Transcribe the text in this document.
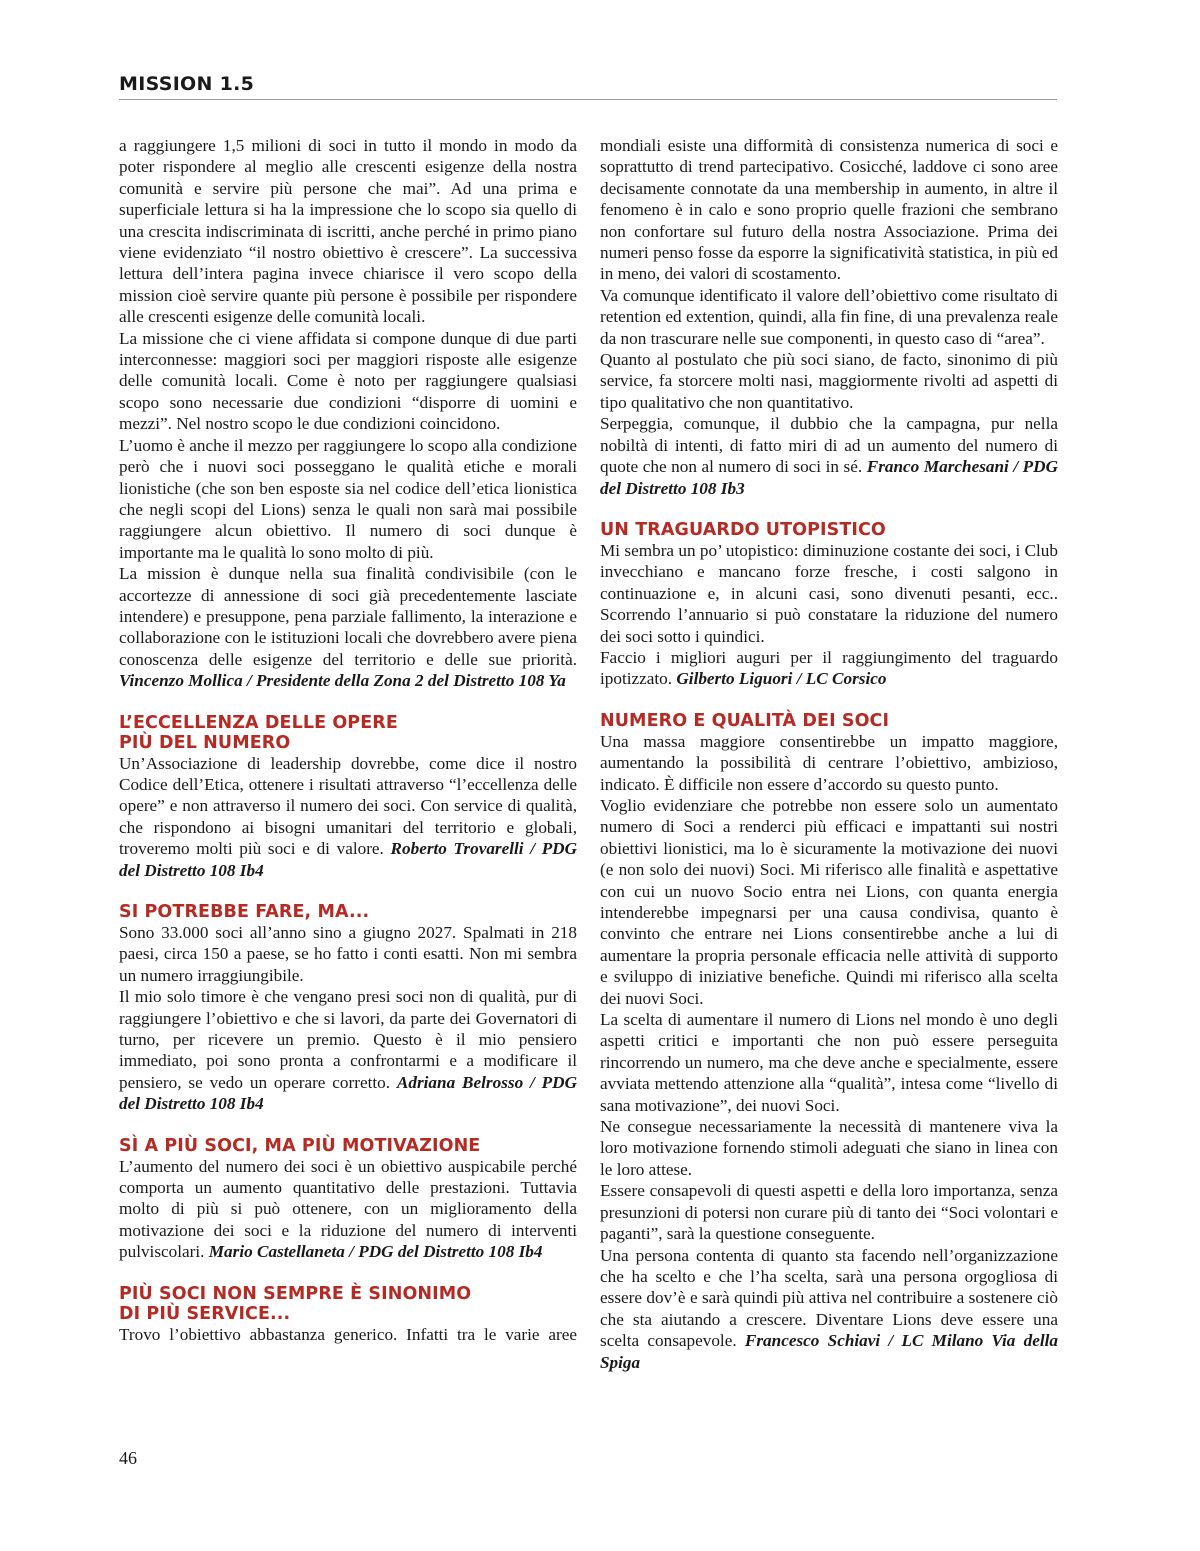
MISSION 1.5

a raggiungere 1,5 milioni di soci in tutto il mondo in modo da poter rispondere al meglio alle crescenti esigenze della nostra comunità e servire più persone che mai”. Ad una prima e superficiale lettura si ha la impressione che lo scopo sia quello di una crescita indiscriminata di iscritti, anche perché in primo piano viene evidenziato “il nostro obiettivo è crescere”. La successiva lettura dell’intera pagina invece chiarisce il vero scopo della mission cioè servire quante più persone è possibile per rispondere alle crescenti esigenze delle comunità locali.

La missione che ci viene affidata si compone dunque di due parti interconnesse: maggiori soci per maggiori risposte alle esigenze delle comunità locali. Come è noto per raggiungere qualsiasi scopo sono necessarie due condizioni “disporre di uomini e mezzi”. Nel nostro scopo le due condizioni coincidono.

L’uomo è anche il mezzo per raggiungere lo scopo alla condizione però che i nuovi soci posseggano le qualità etiche e morali lionistiche (che son ben esposte sia nel codice dell’etica lionistica che negli scopi del Lions) senza le quali non sarà mai possibile raggiungere alcun obiettivo. Il numero di soci dunque è importante ma le qualità lo sono molto di più.

La mission è dunque nella sua finalità condivisibile (con le accortezze di annessione di soci già precedentemente lasciate intendere) e presuppone, pena parziale fallimento, la interazione e collaborazione con le istituzioni locali che dovrebbero avere piena conoscenza delle esigenze del territorio e delle sue priorità. Vincenzo Mollica / Presidente della Zona 2 del Distretto 108 Ya

L’ECCELLENZA DELLE OPERE
PIÙ DEL NUMERO

Un’Associazione di leadership dovrebbe, come dice il nostro Codice dell’Etica, ottenere i risultati attraverso “l’eccellenza delle opere” e non attraverso il numero dei soci. Con service di qualità, che rispondono ai bisogni umanitari del territorio e globali, troveremo molti più soci e di valore. Roberto Trovarelli / PDG del Distretto 108 Ib4

SI POTREBBE FARE, MA...

Sono 33.000 soci all’anno sino a giugno 2027. Spalmati in 218 paesi, circa 150 a paese, se ho fatto i conti esatti. Non mi sembra un numero irraggiungibile.

Il mio solo timore è che vengano presi soci non di qualità, pur di raggiungere l’obiettivo e che si lavori, da parte dei Governatori di turno, per ricevere un premio. Questo è il mio pensiero immediato, poi sono pronta a confrontarmi e a modificare il pensiero, se vedo un operare corretto. Adriana Belrosso / PDG del Distretto 108 Ib4

SÌ A PIÙ SOCI, MA PIÙ MOTIVAZIONE

L’aumento del numero dei soci è un obiettivo auspicabile perché comporta un aumento quantitativo delle prestazioni. Tuttavia molto di più si può ottenere, con un miglioramento della motivazione dei soci e la riduzione del numero di interventi pulviscolari. Mario Castellaneta / PDG del Distretto 108 Ib4

PIÙ SOCI NON SEMPRE È SINONIMO
DI PIÙ SERVICE...

Trovo l’obiettivo abbastanza generico. Infatti tra le varie aree

mondiali esiste una difformità di consistenza numerica di soci e soprattutto di trend partecipativo. Cosicché, laddove ci sono aree decisamente connotate da una membership in aumento, in altre il fenomeno è in calo e sono proprio quelle frazioni che sembrano non confortare sul futuro della nostra Associazione. Prima dei numeri penso fosse da esporre la significatività statistica, in più ed in meno, dei valori di scostamento.

Va comunque identificato il valore dell’obiettivo come risultato di retention ed extention, quindi, alla fin fine, di una prevalenza reale da non trascurare nelle sue componenti, in questo caso di “area”.

Quanto al postulato che più soci siano, de facto, sinonimo di più service, fa storcere molti nasi, maggiormente rivolti ad aspetti di tipo qualitativo che non quantitativo.

Serpeggia, comunque, il dubbio che la campagna, pur nella nobiltà di intenti, di fatto miri di ad un aumento del numero di quote che non al numero di soci in sé. Franco Marchesani / PDG del Distretto 108 Ib3

UN TRAGUARDO UTOPISTICO

Mi sembra un po’ utopistico: diminuzione costante dei soci, i Club invecchiano e mancano forze fresche, i costi salgono in continuazione e, in alcuni casi, sono divenuti pesanti, ecc.. Scorrendo l’annuario si può constatare la riduzione del numero dei soci sotto i quindici.

Faccio i migliori auguri per il raggiungimento del traguardo ipotizzato. Gilberto Liguori / LC Corsico

NUMERO E QUALITÀ DEI SOCI

Una massa maggiore consentirebbe un impatto maggiore, aumentando la possibilità di centrare l’obiettivo, ambizioso, indicato. È difficile non essere d’accordo su questo punto.

Voglio evidenziare che potrebbe non essere solo un aumentato numero di Soci a renderci più efficaci e impattanti sui nostri obiettivi lionistici, ma lo è sicuramente la motivazione dei nuovi (e non solo dei nuovi) Soci. Mi riferisco alle finalità e aspettative con cui un nuovo Socio entra nei Lions, con quanta energia intenderebbe impegnarsi per una causa condivisa, quanto è convinto che entrare nei Lions consentirebbe anche a lui di aumentare la propria personale efficacia nelle attività di supporto e sviluppo di iniziative benefiche. Quindi mi riferisco alla scelta dei nuovi Soci.

La scelta di aumentare il numero di Lions nel mondo è uno degli aspetti critici e importanti che non può essere perseguita rincorrendo un numero, ma che deve anche e specialmente, essere avviata mettendo attenzione alla “qualità”, intesa come “livello di sana motivazione”, dei nuovi Soci.

Ne consegue necessariamente la necessità di mantenere viva la loro motivazione fornendo stimoli adeguati che siano in linea con le loro attese.

Essere consapevoli di questi aspetti e della loro importanza, senza presunzioni di potersi non curare più di tanto dei “Soci volontari e paganti”, sarà la questione conseguente.

Una persona contenta di quanto sta facendo nell’organizzazione che ha scelto e che l’ha scelta, sarà una persona orgogliosa di essere dov’è e sarà quindi più attiva nel contribuire a sostenere ciò che sta aiutando a crescere. Diventare Lions deve essere una scelta consapevole. Francesco Schiavi / LC Milano Via della Spiga

46
